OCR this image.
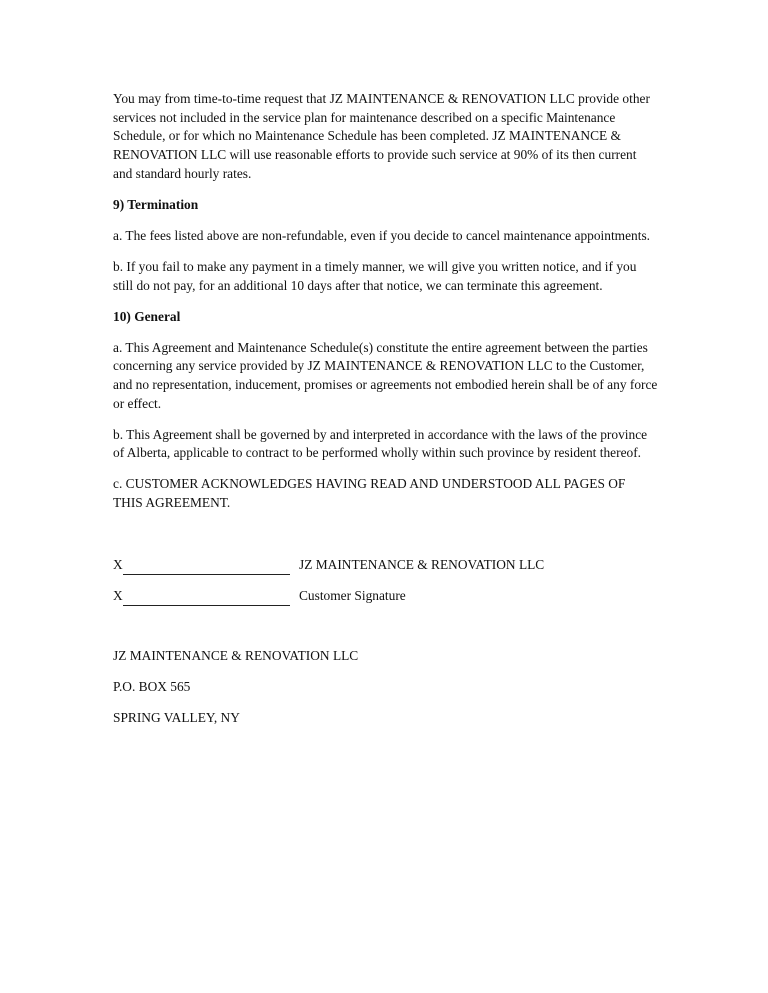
You may from time-to-time request that JZ MAINTENANCE & RENOVATION LLC provide other services not included in the service plan for maintenance described on a specific Maintenance Schedule, or for which no Maintenance Schedule has been completed. JZ MAINTENANCE & RENOVATION LLC will use reasonable efforts to provide such service at 90% of its then current and standard hourly rates.

9) Termination

a. The fees listed above are non-refundable, even if you decide to cancel maintenance appointments.

b. If you fail to make any payment in a timely manner, we will give you written notice, and if you still do not pay, for an additional 10 days after that notice, we can terminate this agreement.

10) General

a. This Agreement and Maintenance Schedule(s) constitute the entire agreement between the parties concerning any service provided by JZ MAINTENANCE & RENOVATION LLC to the Customer, and no representation, inducement, promises or agreements not embodied herein shall be of any force or effect.

b. This Agreement shall be governed by and interpreted in accordance with the laws of the province of Alberta, applicable to contract to be performed wholly within such province by resident thereof.

c. CUSTOMER ACKNOWLEDGES HAVING READ AND UNDERSTOOD ALL PAGES OF THIS AGREEMENT.

X	JZ MAINTENANCE & RENOVATION LLC
X	Customer Signature

JZ MAINTENANCE & RENOVATION LLC

P.O. BOX 565

SPRING VALLEY, NY
